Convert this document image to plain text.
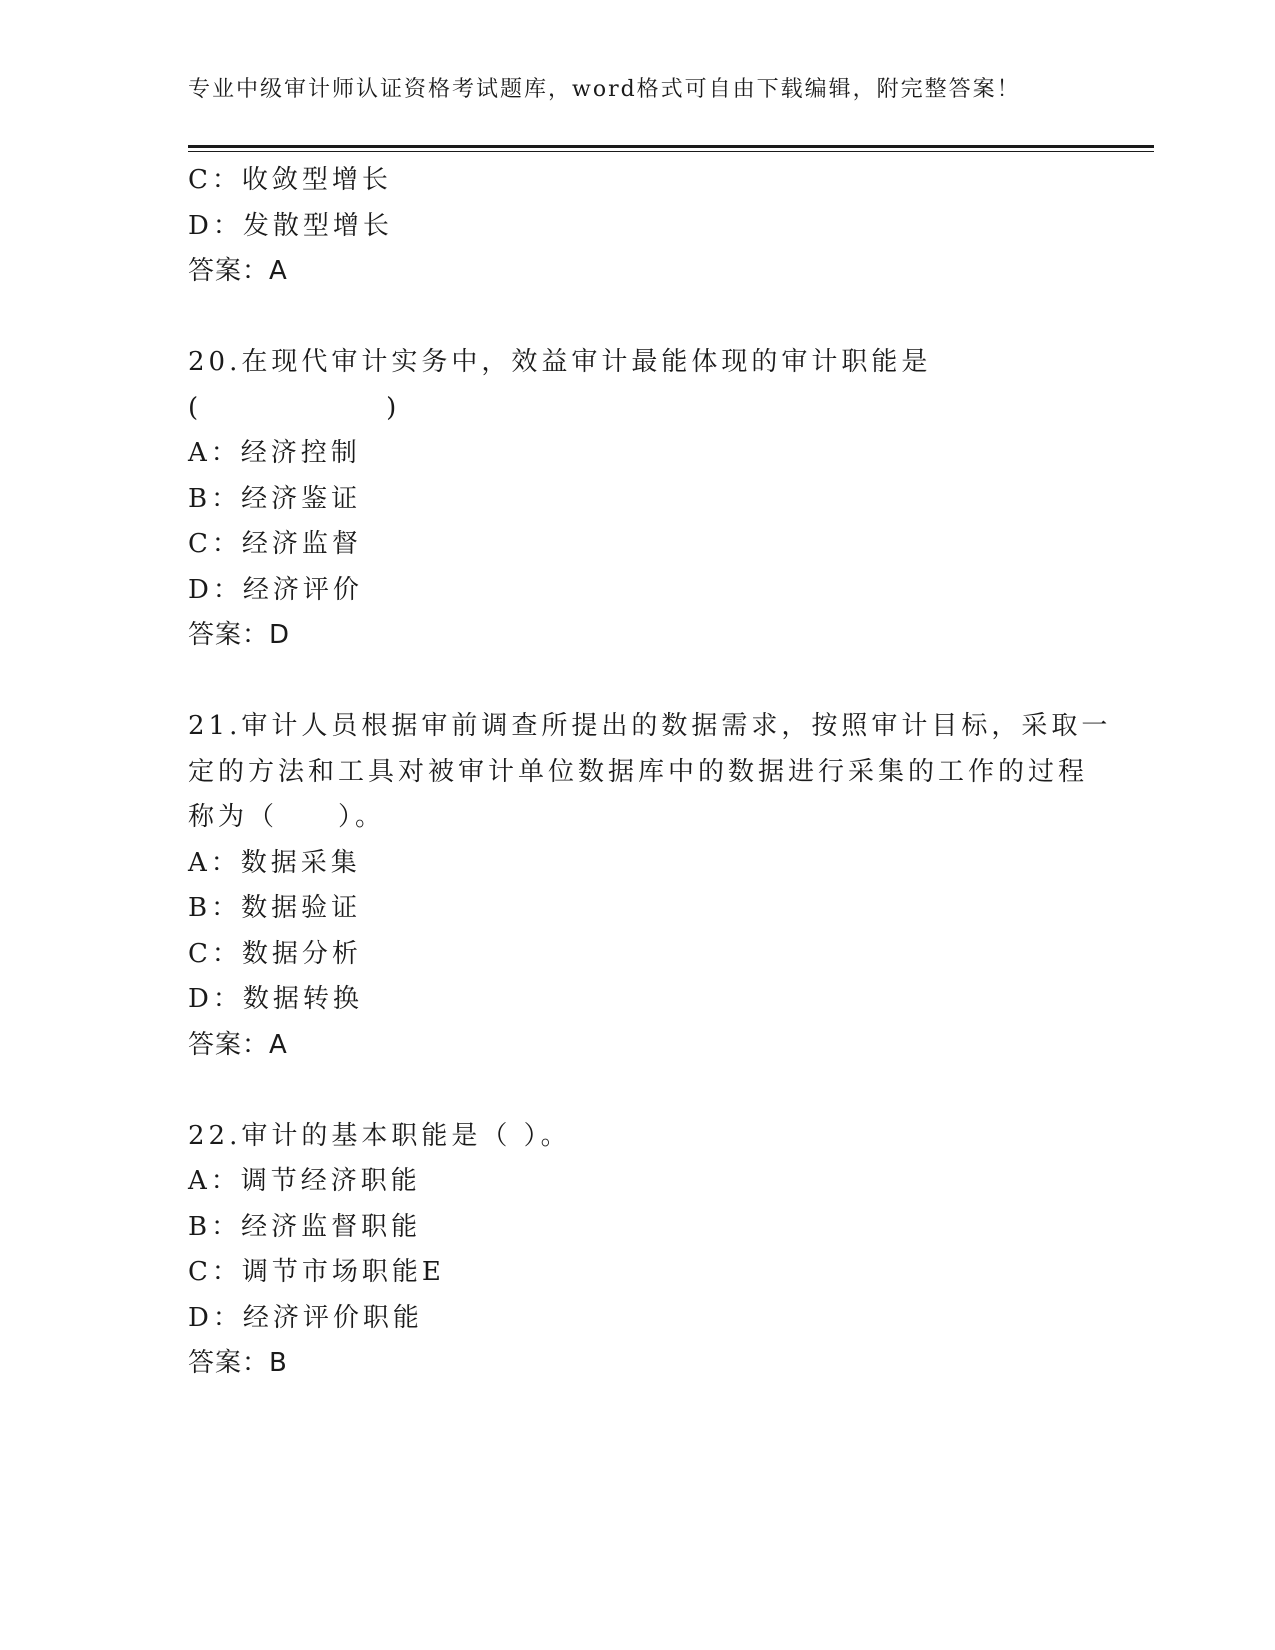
专业中级审计师认证资格考试题库，word格式可自由下载编辑，附完整答案！
C：收敛型增长
D：发散型增长
答案：A
20.在现代审计实务中，效益审计最能体现的审计职能是
(               )
A：经济控制
B：经济鉴证
C：经济监督
D：经济评价
答案：D
21.审计人员根据审前调查所提出的数据需求，按照审计目标，采取一
定的方法和工具对被审计单位数据库中的数据进行采集的工作的过程
称为（　　）。
A：数据采集
B：数据验证
C：数据分析
D：数据转换
答案：A
22.审计的基本职能是（ ）。
A：调节经济职能
B：经济监督职能
C：调节市场职能E
D：经济评价职能
答案：B
